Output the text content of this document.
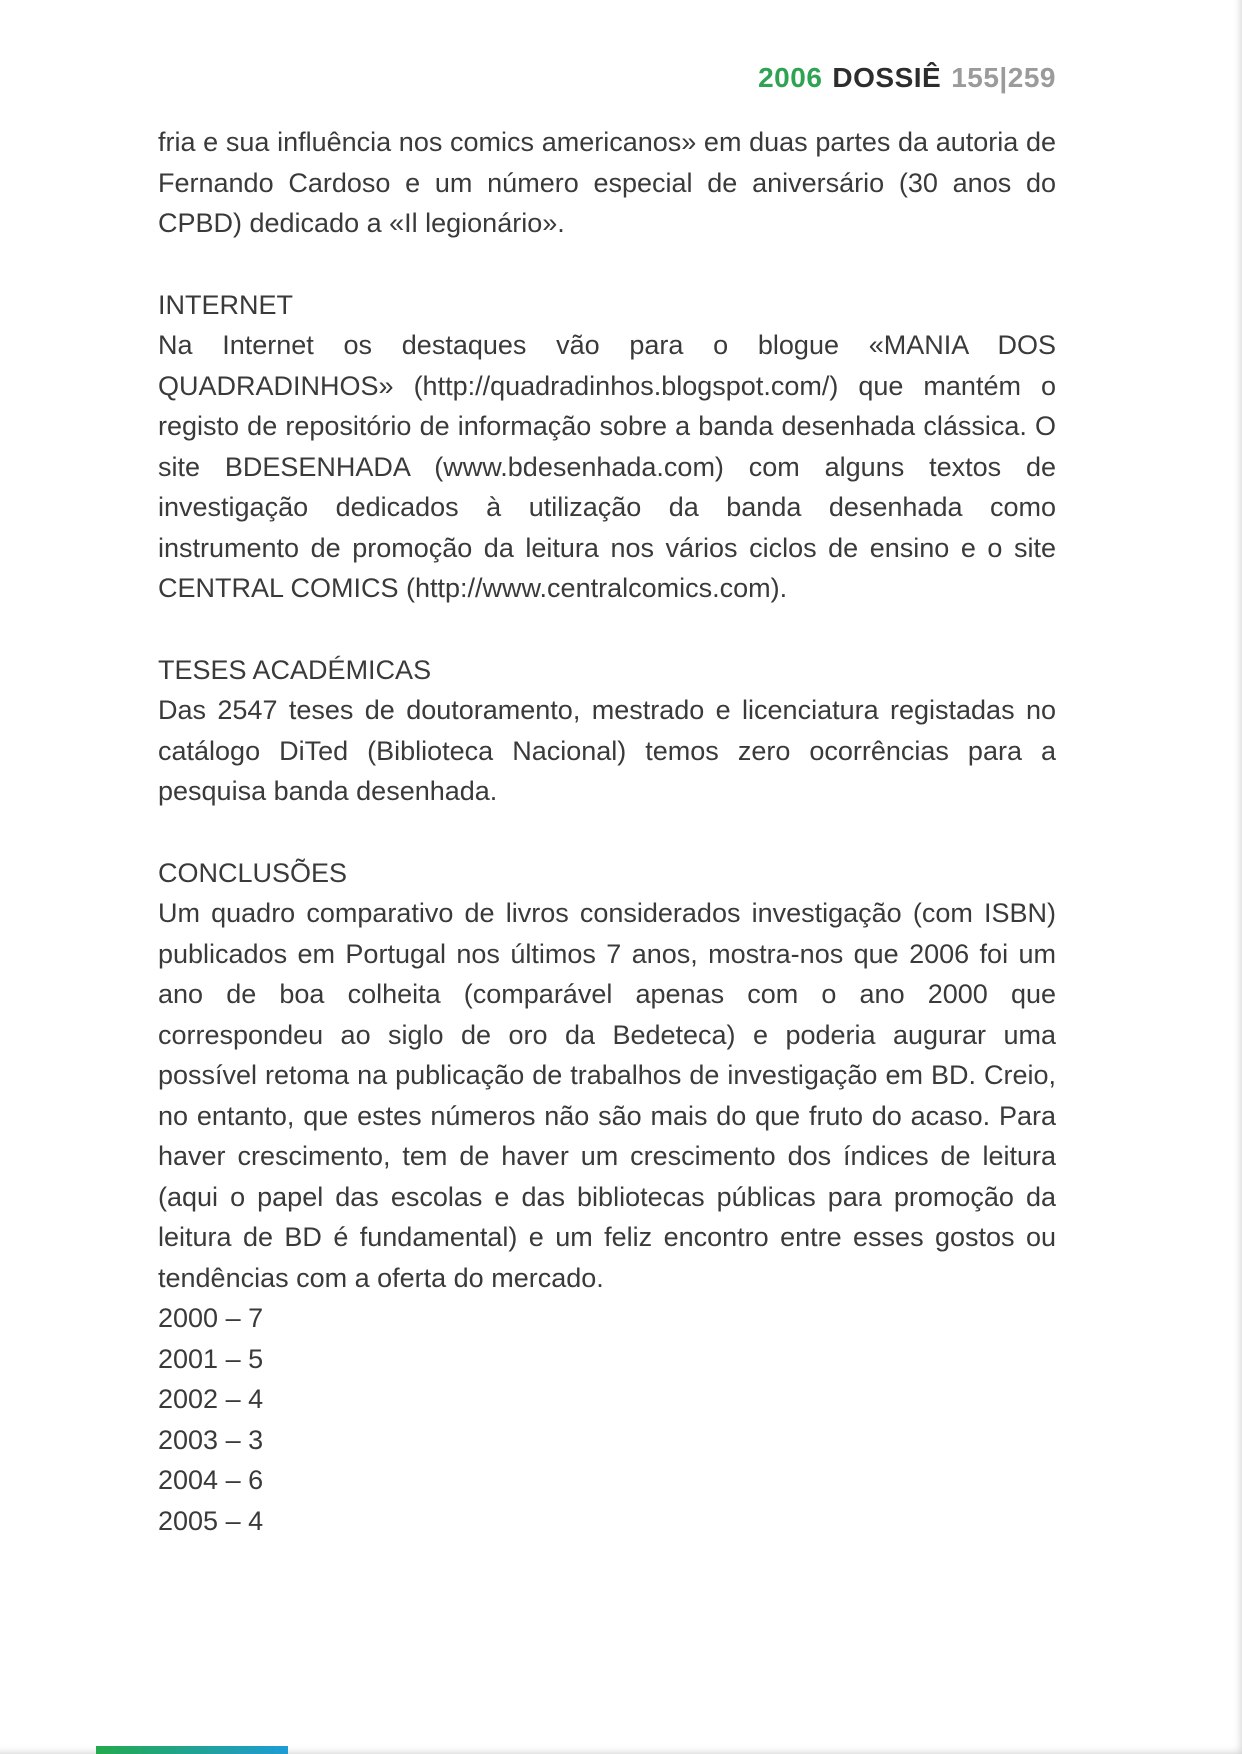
2006 DOSSIÊ 155|259

fria e sua influência nos comics americanos» em duas partes da autoria de Fernando Cardoso e um número especial de aniversário (30 anos do CPBD) dedicado a «Il legionário».

INTERNET

Na Internet os destaques vão para o blogue «MANIA DOS QUADRADINHOS» (http://quadradinhos.blogspot.com/) que mantém o registo de repositório de informação sobre a banda desenhada clássica. O site BDESENHADA (www.bdesenhada.com) com alguns textos de investigação dedicados à utilização da banda desenhada como instrumento de promoção da leitura nos vários ciclos de ensino e o site CENTRAL COMICS (http://www.centralcomics.com).

TESES ACADÉMICAS

Das 2547 teses de doutoramento, mestrado e licenciatura registadas no catálogo DiTed (Biblioteca Nacional) temos zero ocorrências para a pesquisa banda desenhada.

CONCLUSÕES

Um quadro comparativo de livros considerados investigação (com ISBN) publicados em Portugal nos últimos 7 anos, mostra-nos que 2006 foi um ano de boa colheita (comparável apenas com o ano 2000 que correspondeu ao siglo de oro da Bedeteca) e poderia augurar uma possível retoma na publicação de trabalhos de investigação em BD. Creio, no entanto, que estes números não são mais do que fruto do acaso. Para haver crescimento, tem de haver um crescimento dos índices de leitura (aqui o papel das escolas e das bibliotecas públicas para promoção da leitura de BD é fundamental) e um feliz encontro entre esses gostos ou tendências com a oferta do mercado.

2000 – 7
2001 – 5
2002 – 4
2003 – 3
2004 – 6
2005 – 4
